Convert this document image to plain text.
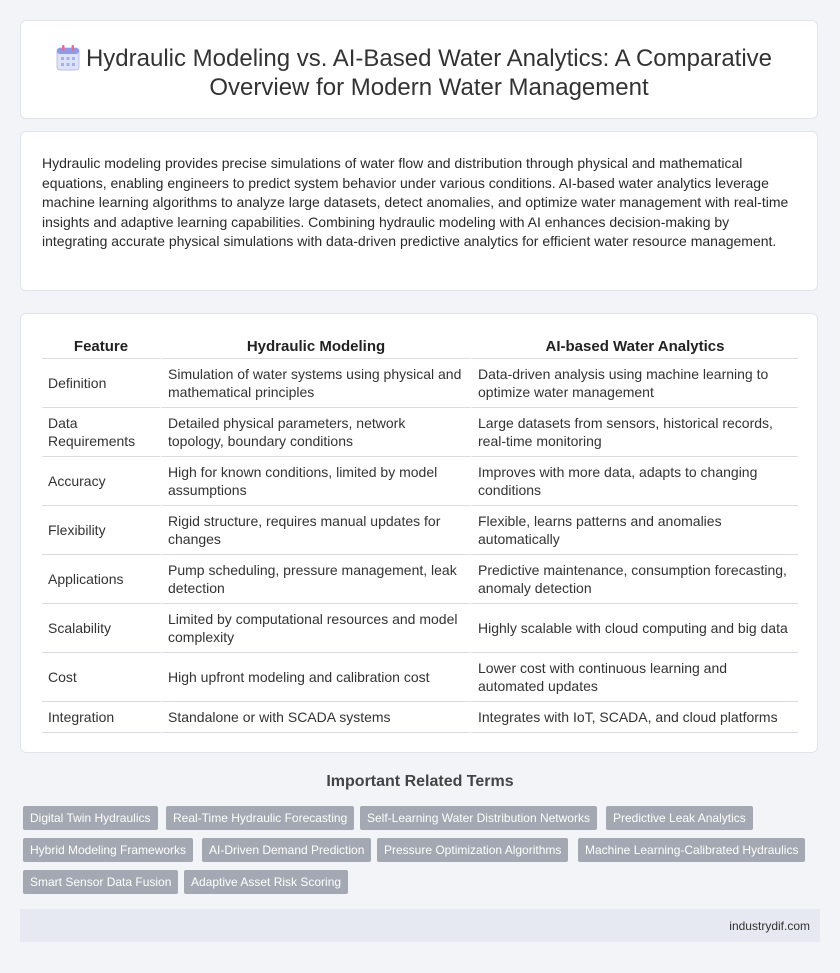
Hydraulic Modeling vs. AI-Based Water Analytics: A Comparative Overview for Modern Water Management

Hydraulic modeling provides precise simulations of water flow and distribution through physical and mathematical equations, enabling engineers to predict system behavior under various conditions. AI-based water analytics leverage machine learning algorithms to analyze large datasets, detect anomalies, and optimize water management with real-time insights and adaptive learning capabilities. Combining hydraulic modeling with AI enhances decision-making by integrating accurate physical simulations with data-driven predictive analytics for efficient water resource management.

Feature	Hydraulic Modeling	AI-based Water Analytics
Definition	Simulation of water systems using physical and mathematical principles	Data-driven analysis using machine learning to optimize water management
Data Requirements	Detailed physical parameters, network topology, boundary conditions	Large datasets from sensors, historical records, real-time monitoring
Accuracy	High for known conditions, limited by model assumptions	Improves with more data, adapts to changing conditions
Flexibility	Rigid structure, requires manual updates for changes	Flexible, learns patterns and anomalies automatically
Applications	Pump scheduling, pressure management, leak detection	Predictive maintenance, consumption forecasting, anomaly detection
Scalability	Limited by computational resources and model complexity	Highly scalable with cloud computing and big data
Cost	High upfront modeling and calibration cost	Lower cost with continuous learning and automated updates
Integration	Standalone or with SCADA systems	Integrates with IoT, SCADA, and cloud platforms
Important Related Terms
Digital Twin Hydraulics	Real-Time Hydraulic Forecasting	Self-Learning Water Distribution Networks	Predictive Leak Analytics
Hybrid Modeling Frameworks	AI-Driven Demand Prediction	Pressure Optimization Algorithms	Machine Learning-Calibrated Hydraulics
Smart Sensor Data Fusion	Adaptive Asset Risk Scoring
industrydif.com
